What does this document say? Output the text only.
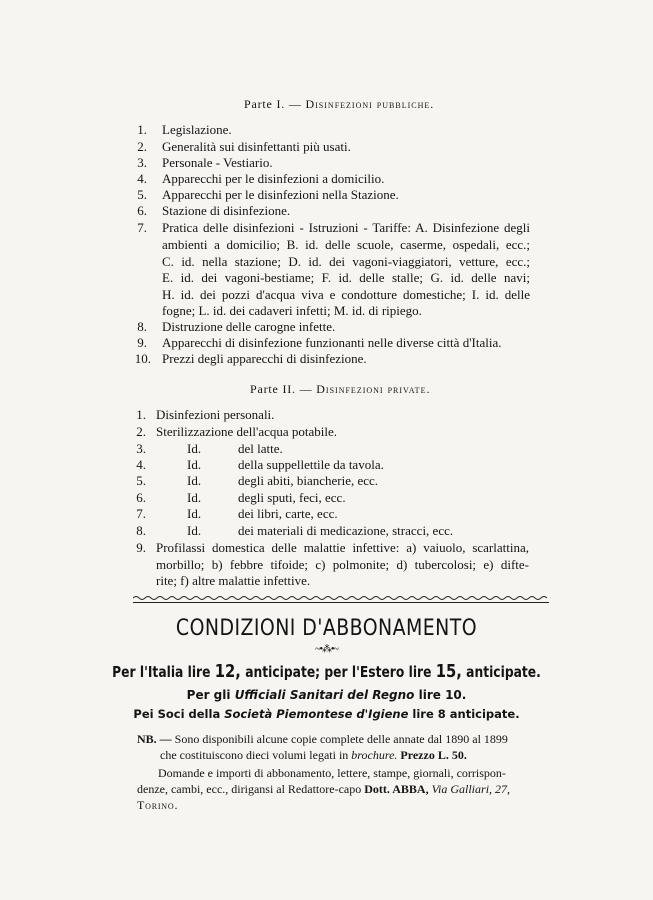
Parte I. — Disinfezioni pubbliche.
1. Legislazione.
2. Generalità sui disinfettanti più usati.
3. Personale - Vestiario.
4. Apparecchi per le disinfezioni a domicilio.
5. Apparecchi per le disinfezioni nella Stazione.
6. Stazione di disinfezione.
7. Pratica delle disinfezioni - Istruzioni - Tariffe: A. Disinfezione degli
ambienti a domicilio; B. id. delle scuole, caserme, ospedali, ecc.;
C. id. nella stazione; D. id. dei vagoni-viaggiatori, vetture, ecc.;
E. id. dei vagoni-bestiame; F. id. delle stalle; G. id. delle navi;
H. id. dei pozzi d'acqua viva e condotture domestiche; I. id. delle
fogne; L. id. dei cadaveri infetti; M. id. di ripiego.
8. Distruzione delle carogne infette.
9. Apparecchi di disinfezione funzionanti nelle diverse città d'Italia.
10. Prezzi degli apparecchi di disinfezione.
Parte II. — Disinfezioni private.
1. Disinfezioni personali.
2. Sterilizzazione dell'acqua potabile.
3.	Id.	del latte.
4.	Id.	della suppellettile da tavola.
5.	Id.	degli abiti, biancherie, ecc.
6.	Id.	degli sputi, feci, ecc.
7.	Id.	dei libri, carte, ecc.
8.	Id.	dei materiali di medicazione, stracci, ecc.
9. Profilassi domestica delle malattie infettive: a) vaiuolo, scarlattina,
morbillo; b) febbre tifoide; c) polmonite; d) tubercolosi; e) difte-
rite; f) altre malattie infettive.
CONDIZIONI D'ABBONAMENTO
~•⁂•~
Per l'Italia lire 12, anticipate; per l'Estero lire 15, anticipate.
Per gli Ufficiali Sanitari del Regno lire 10.
Pei Soci della Società Piemontese d'Igiene lire 8 anticipate.
NB. — Sono disponibili alcune copie complete delle annate dal 1890 al 1899
che costituiscono dieci volumi legati in brochure. Prezzo L. 50.
Domande e importi di abbonamento, lettere, stampe, giornali, corrispon-
denze, cambi, ecc., dirigansi al Redattore-capo Dott. ABBA, Via Galliari, 27,
Torino.
